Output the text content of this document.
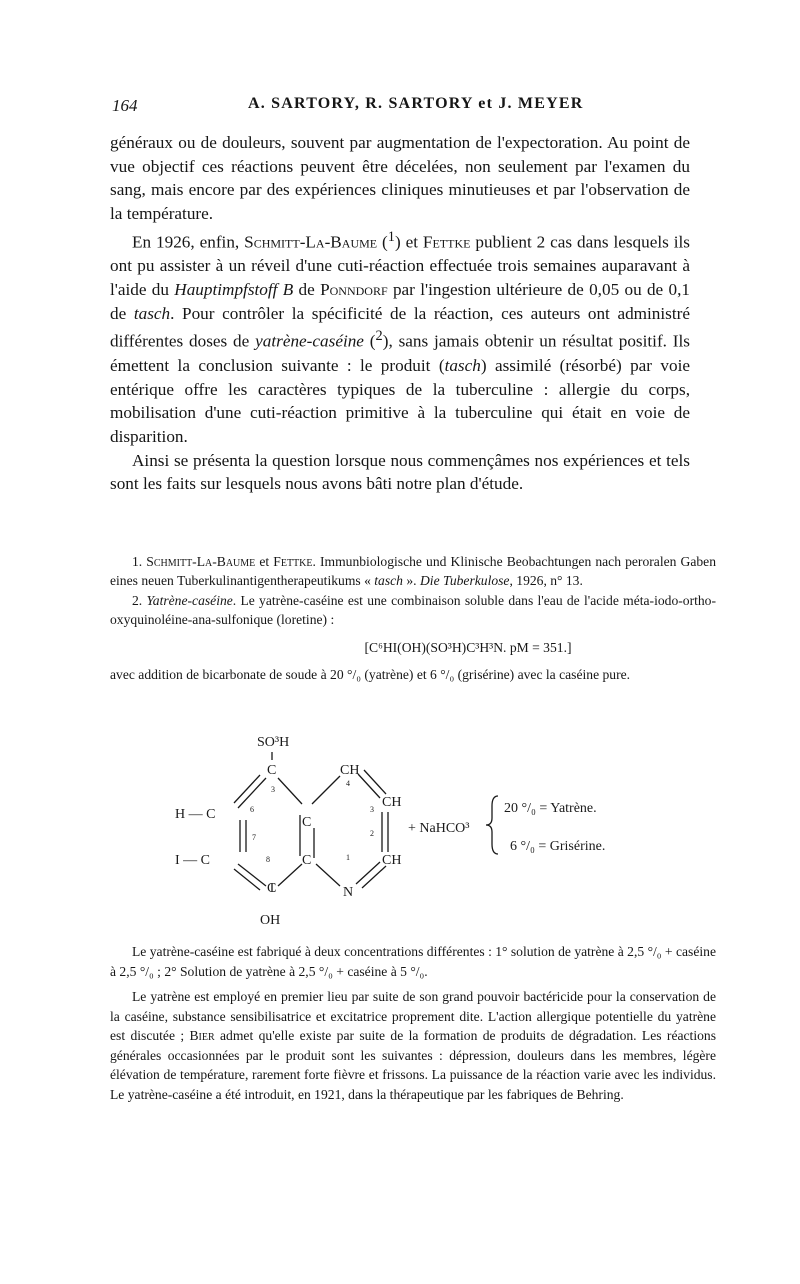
164	A. SARTORY, R. SARTORY et J. MEYER

généraux ou de douleurs, souvent par augmentation de l'expectoration. Au point de vue objectif ces réactions peuvent être décelées, non seulement par l'examen du sang, mais encore par des expériences cliniques minutieuses et par l'observation de la température.

En 1926, enfin, Schmitt-La-Baume ($^1$) et Fettke publient 2 cas dans lesquels ils ont pu assister à un réveil d'une cuti-réaction effectuée trois semaines auparavant à l'aide du Hauptimpfstoff B de Ponndorf par l'ingestion ultérieure de 0,05 ou de 0,1 de tasch. Pour contrôler la spécificité de la réaction, ces auteurs ont administré différentes doses de yatrène-caséine ($^2$), sans jamais obtenir un résultat positif. Ils émettent la conclusion suivante : le produit (tasch) assimilé (résorbé) par voie entérique offre les caractères typiques de la tuberculine : allergie du corps, mobilisation d'une cuti-réaction primitive à la tuberculine qui était en voie de disparition.

Ainsi se présenta la question lorsque nous commençâmes nos expériences et tels sont les faits sur lesquels nous avons bâti notre plan d'étude.

1. Schmitt-La-Baume et Fettke. Immunbiologische und Klinische Beobachtungen nach peroralen Gaben eines neuen Tuberkulinantigentherapeutikums « tasch ». Die Tuberkulose, 1926, n° 13.

2. Yatrène-caséine. Le yatrène-caséine est une combinaison soluble dans l'eau de l'acide méta-iodo-ortho-oxyquinoléine-ana-sulfonique (loretine) :

[C⁶HI(OH)(SO³H)C³H³N. pM = 351.]

avec addition de bicarbonate de soude à 20 °/₀ (yatrène) et 6 °/₀ (grisérine) avec la caséine pure.

SO³H
C	CH
H — C
C
CH
I — C	C	CH
C	N
OH
+ NaHCO³
20 °/₀ = Yatrène.
6 °/₀ = Grisérine.
3
6
7
8
4
3
2
1

Le yatrène-caséine est fabriqué à deux concentrations différentes : 1° solution de yatrène à 2,5 °/₀ + caséine à 2,5 °/₀ ; 2° Solution de yatrène à 2,5 °/₀ + caséine à 5 °/₀.

Le yatrène est employé en premier lieu par suite de son grand pouvoir bactéricide pour la conservation de la caséine, substance sensibilisatrice et excitatrice proprement dite. L'action allergique potentielle du yatrène est discutée ; Bier admet qu'elle existe par suite de la formation de produits de dégradation. Les réactions générales occasionnées par le produit sont les suivantes : dépression, douleurs dans les membres, légère élévation de température, rarement forte fièvre et frissons. La puissance de la réaction varie avec les individus. Le yatrène-caséine a été introduit, en 1921, dans la thérapeutique par les fabriques de Behring.
